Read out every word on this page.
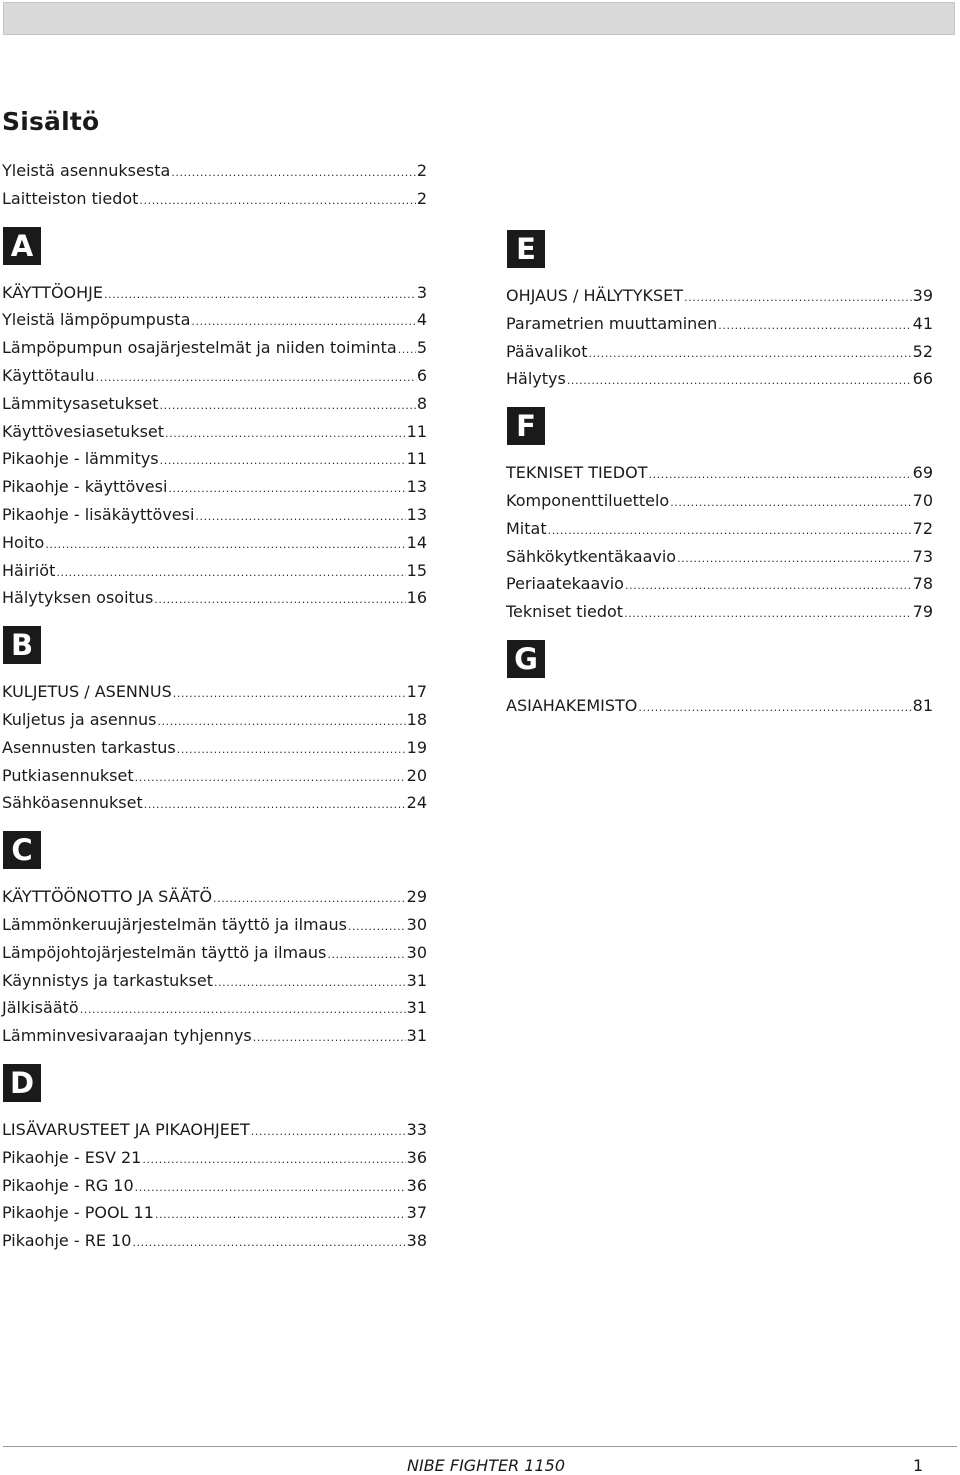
Sisältö
Yleistä asennuksesta .....	2
Laitteiston tiedot .....	2
A
KÄYTTÖOHJE .....	3
Yleistä lämpöpumpusta .....	4
Lämpöpumpun osajärjestelmät ja niiden toiminta ..... 5
Käyttötaulu .....	6
Lämmitysasetukset .....	8
Käyttövesiasetukset .....	11
Pikaohje - lämmitys .....	11
Pikaohje - käyttövesi .....	13
Pikaohje - lisäkäyttövesi .....	13
Hoito .....	14
Häiriöt .....	15
Hälytyksen osoitus .....	16
B
KULJETUS / ASENNUS .....	17
Kuljetus ja asennus .....	18
Asennusten tarkastus .....	19
Putkiasennukset .....	20
Sähköasennukset .....	24
C
KÄYTTÖÖNOTTO JA SÄÄTÖ .....	29
Lämmönkeruujärjestelmän täyttö ja ilmaus .....	30
Lämpöjohtojärjestelmän täyttö ja ilmaus .....	30
Käynnistys ja tarkastukset .....	31
Jälkisäätö .....	31
Lämminvesivaraajan tyhjennys .....	31
D
LISÄVARUSTEET JA PIKAOHJEET .....	33
Pikaohje - ESV 21 .....	36
Pikaohje - RG 10 .....	36
Pikaohje - POOL 11 .....	37
Pikaohje - RE 10 .....	38
E
OHJAUS / HÄLYTYKSET .....	39
Parametrien muuttaminen .....	41
Päävalikot .....	52
Hälytys .....	66
F
TEKNISET TIEDOT .....	69
Komponenttiluettelo .....	70
Mitat .....	72
Sähkökytkentäkaavio .....	73
Periaatekaavio .....	78
Tekniset tiedot .....	79
G
ASIAHAKEMISTO .....	81
NIBE FIGHTER 1150	1
